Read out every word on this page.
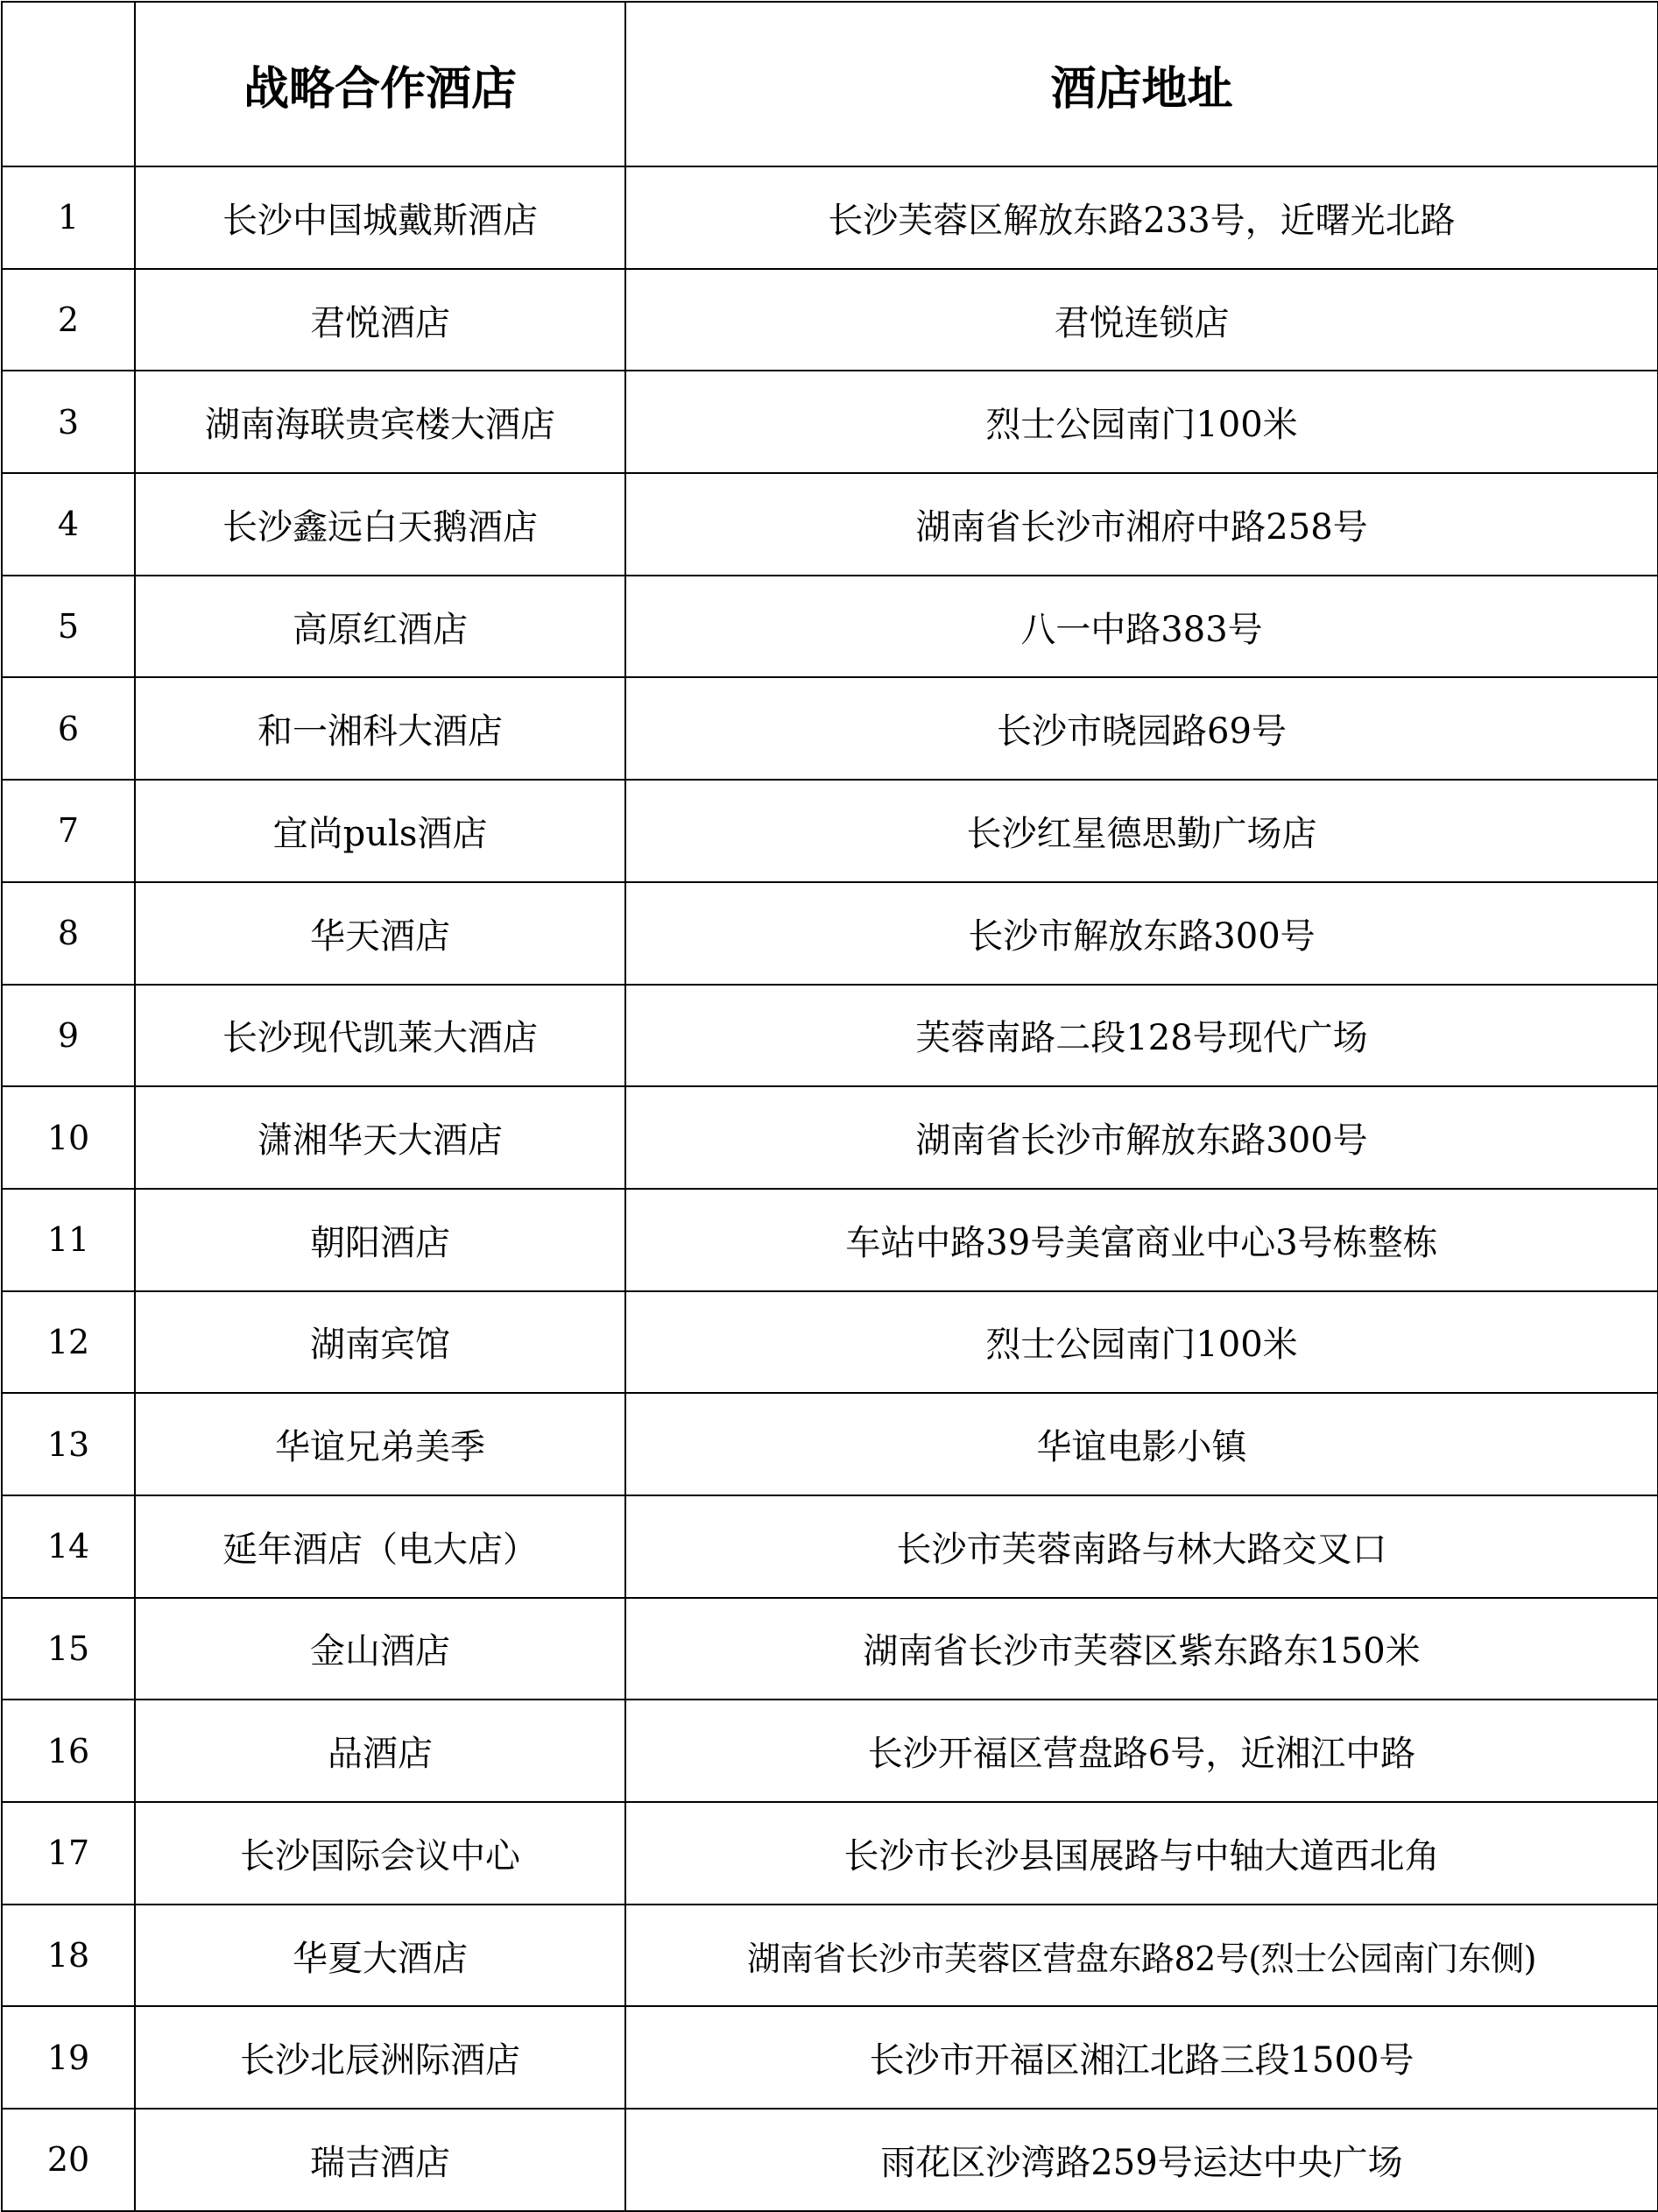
	战略合作酒店	酒店地址
1	长沙中国城戴斯酒店	长沙芙蓉区解放东路233号，近曙光北路
2	君悦酒店	君悦连锁店
3	湖南海联贵宾楼大酒店	烈士公园南门100米
4	长沙鑫远白天鹅酒店	湖南省长沙市湘府中路258号
5	高原红酒店	八一中路383号
6	和一湘科大酒店	长沙市晓园路69号
7	宜尚puls酒店	长沙红星德思勤广场店
8	华天酒店	长沙市解放东路300号
9	长沙现代凯莱大酒店	芙蓉南路二段128号现代广场
10	潇湘华天大酒店	湖南省长沙市解放东路300号
11	朝阳酒店	车站中路39号美富商业中心3号栋整栋
12	湖南宾馆	烈士公园南门100米
13	华谊兄弟美季	华谊电影小镇
14	延年酒店（电大店）	长沙市芙蓉南路与林大路交叉口
15	金山酒店	湖南省长沙市芙蓉区紫东路东150米
16	品酒店	长沙开福区营盘路6号，近湘江中路
17	长沙国际会议中心	长沙市长沙县国展路与中轴大道西北角
18	华夏大酒店	湖南省长沙市芙蓉区营盘东路82号(烈士公园南门东侧)
19	长沙北辰洲际酒店	长沙市开福区湘江北路三段1500号
20	瑞吉酒店	雨花区沙湾路259号运达中央广场
